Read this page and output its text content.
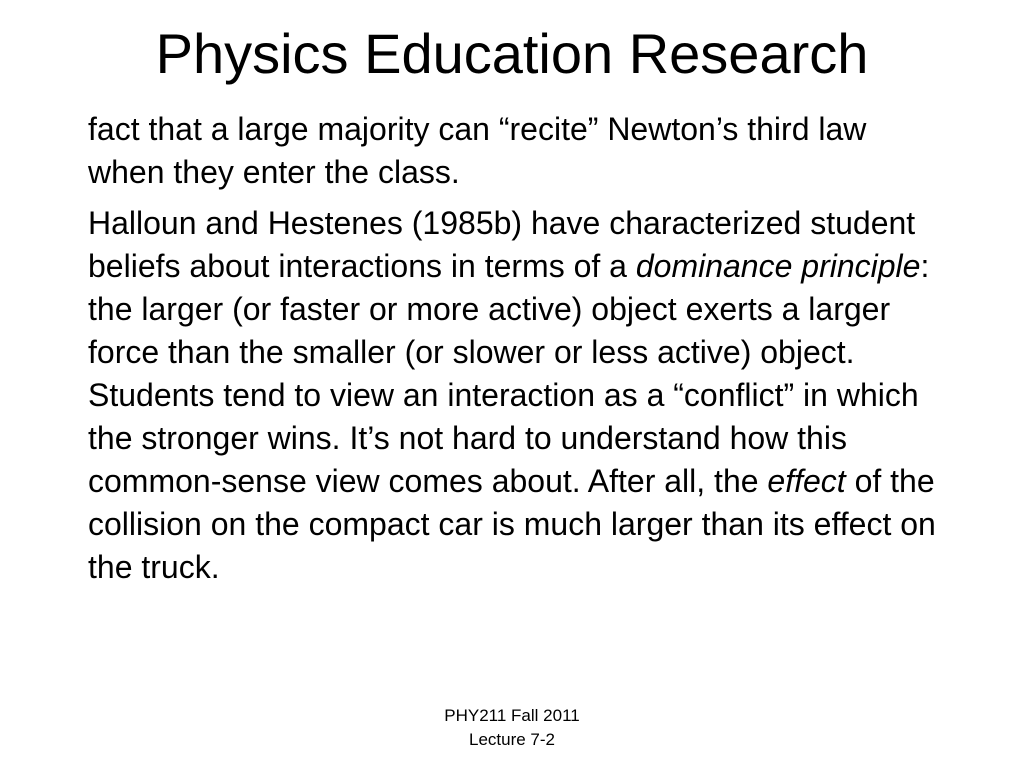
Physics Education Research

fact that a large majority can “recite” Newton’s third law when they enter the class.

Halloun and Hestenes (1985b) have characterized student beliefs about interactions in terms of a dominance principle: the larger (or faster or more active) object exerts a larger force than the smaller (or slower or less active) object. Students tend to view an interaction as a “conflict” in which the stronger wins. It’s not hard to understand how this common-sense view comes about. After all, the effect of the collision on the compact car is much larger than its effect on the truck.

PHY211 Fall 2011
Lecture 7-2
